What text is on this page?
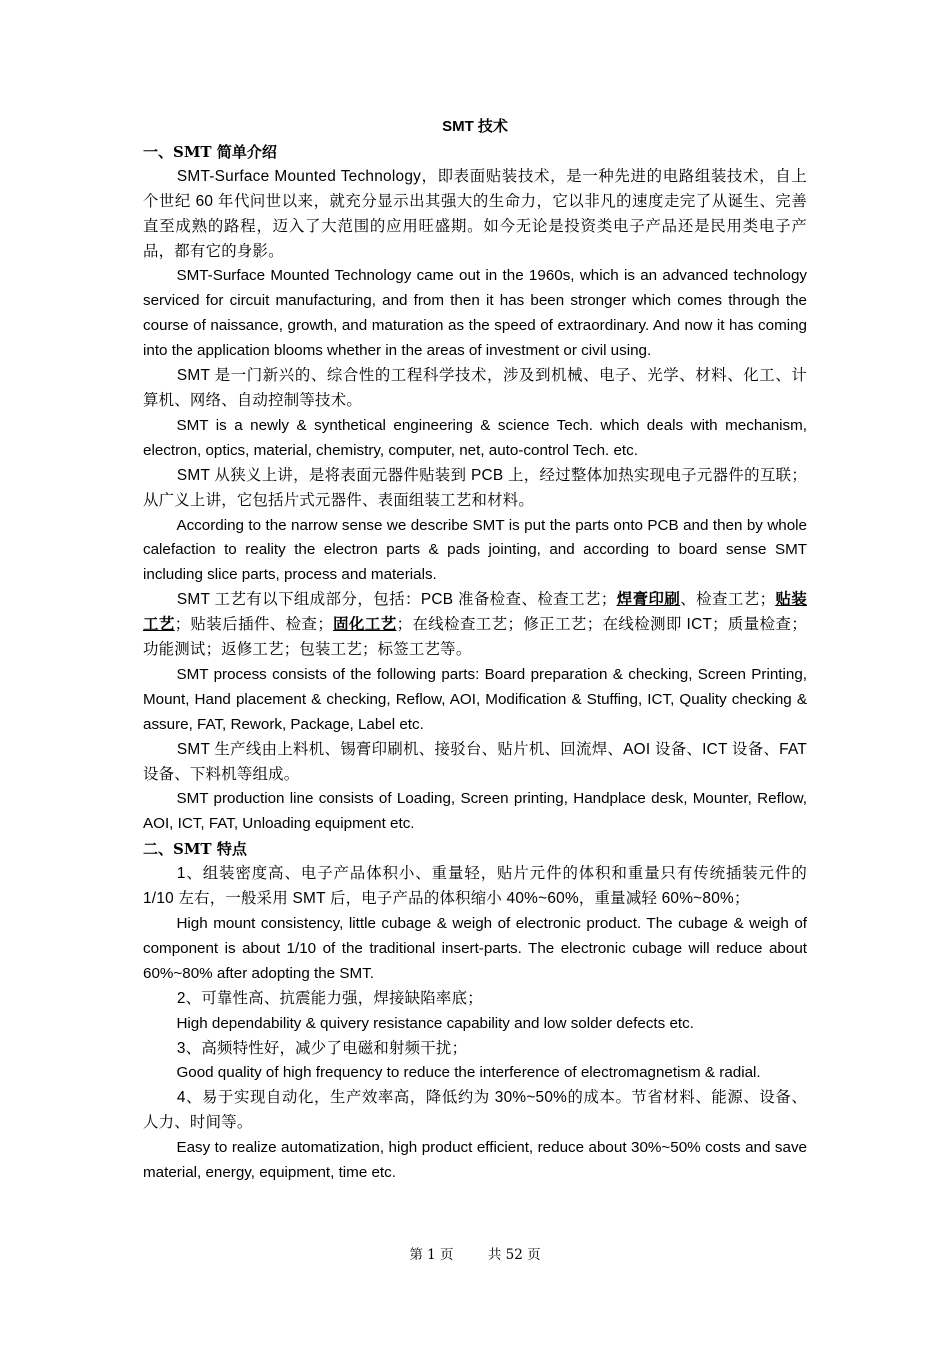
SMT 技术
一、SMT 简单介绍

SMT-Surface Mounted Technology，即表面贴装技术，是一种先进的电路组装技术，自上个世纪 60 年代问世以来，就充分显示出其强大的生命力，它以非凡的速度走完了从诞生、完善直至成熟的路程，迈入了大范围的应用旺盛期。如今无论是投资类电子产品还是民用类电子产品，都有它的身影。

SMT-Surface Mounted Technology came out in the 1960s, which is an advanced technology serviced for circuit manufacturing, and from then it has been stronger which comes through the course of naissance, growth, and maturation as the speed of extraordinary. And now it has coming into the application blooms whether in the areas of investment or civil using.

SMT 是一门新兴的、综合性的工程科学技术，涉及到机械、电子、光学、材料、化工、计算机、网络、自动控制等技术。

SMT is a newly & synthetical engineering & science Tech. which deals with mechanism, electron, optics, material, chemistry, computer, net, auto-control Tech. etc.

SMT 从狭义上讲，是将表面元器件贴装到 PCB 上，经过整体加热实现电子元器件的互联；从广义上讲，它包括片式元器件、表面组装工艺和材料。

According to the narrow sense we describe SMT is put the parts onto PCB and then by whole calefaction to reality the electron parts & pads jointing, and according to board sense SMT including slice parts, process and materials.

SMT 工艺有以下组成部分，包括：PCB 准备检查、检查工艺；焊膏印刷、检查工艺；贴装工艺；贴装后插件、检查；固化工艺；在线检查工艺；修正工艺；在线检测即 ICT；质量检查；功能测试；返修工艺；包装工艺；标签工艺等。

SMT process consists of the following parts: Board preparation & checking, Screen Printing, Mount, Hand placement & checking, Reflow, AOI, Modification & Stuffing, ICT, Quality checking & assure, FAT, Rework, Package, Label etc.

SMT 生产线由上料机、锡膏印刷机、接驳台、贴片机、回流焊、AOI 设备、ICT 设备、FAT 设备、下料机等组成。

SMT production line consists of Loading, Screen printing, Handplace desk, Mounter, Reflow, AOI, ICT, FAT, Unloading equipment etc.

二、SMT 特点

1、组装密度高、电子产品体积小、重量轻，贴片元件的体积和重量只有传统插装元件的 1/10 左右，一般采用 SMT 后，电子产品的体积缩小 40%~60%，重量减轻 60%~80%；

High mount consistency, little cubage & weigh of electronic product. The cubage & weigh of component is about 1/10 of the traditional insert-parts. The electronic cubage will reduce about 60%~80% after adopting the SMT.

2、可靠性高、抗震能力强，焊接缺陷率底；

High dependability & quivery resistance capability and low solder defects etc.

3、高频特性好，减少了电磁和射频干扰；

Good quality of high frequency to reduce the interference of electromagnetism & radial.

4、易于实现自动化，生产效率高，降低约为 30%~50%的成本。节省材料、能源、设备、人力、时间等。

Easy to realize automatization, high product efficient, reduce about 30%~50% costs and save material, energy, equipment, time etc.

第 1 页	共 52 页
